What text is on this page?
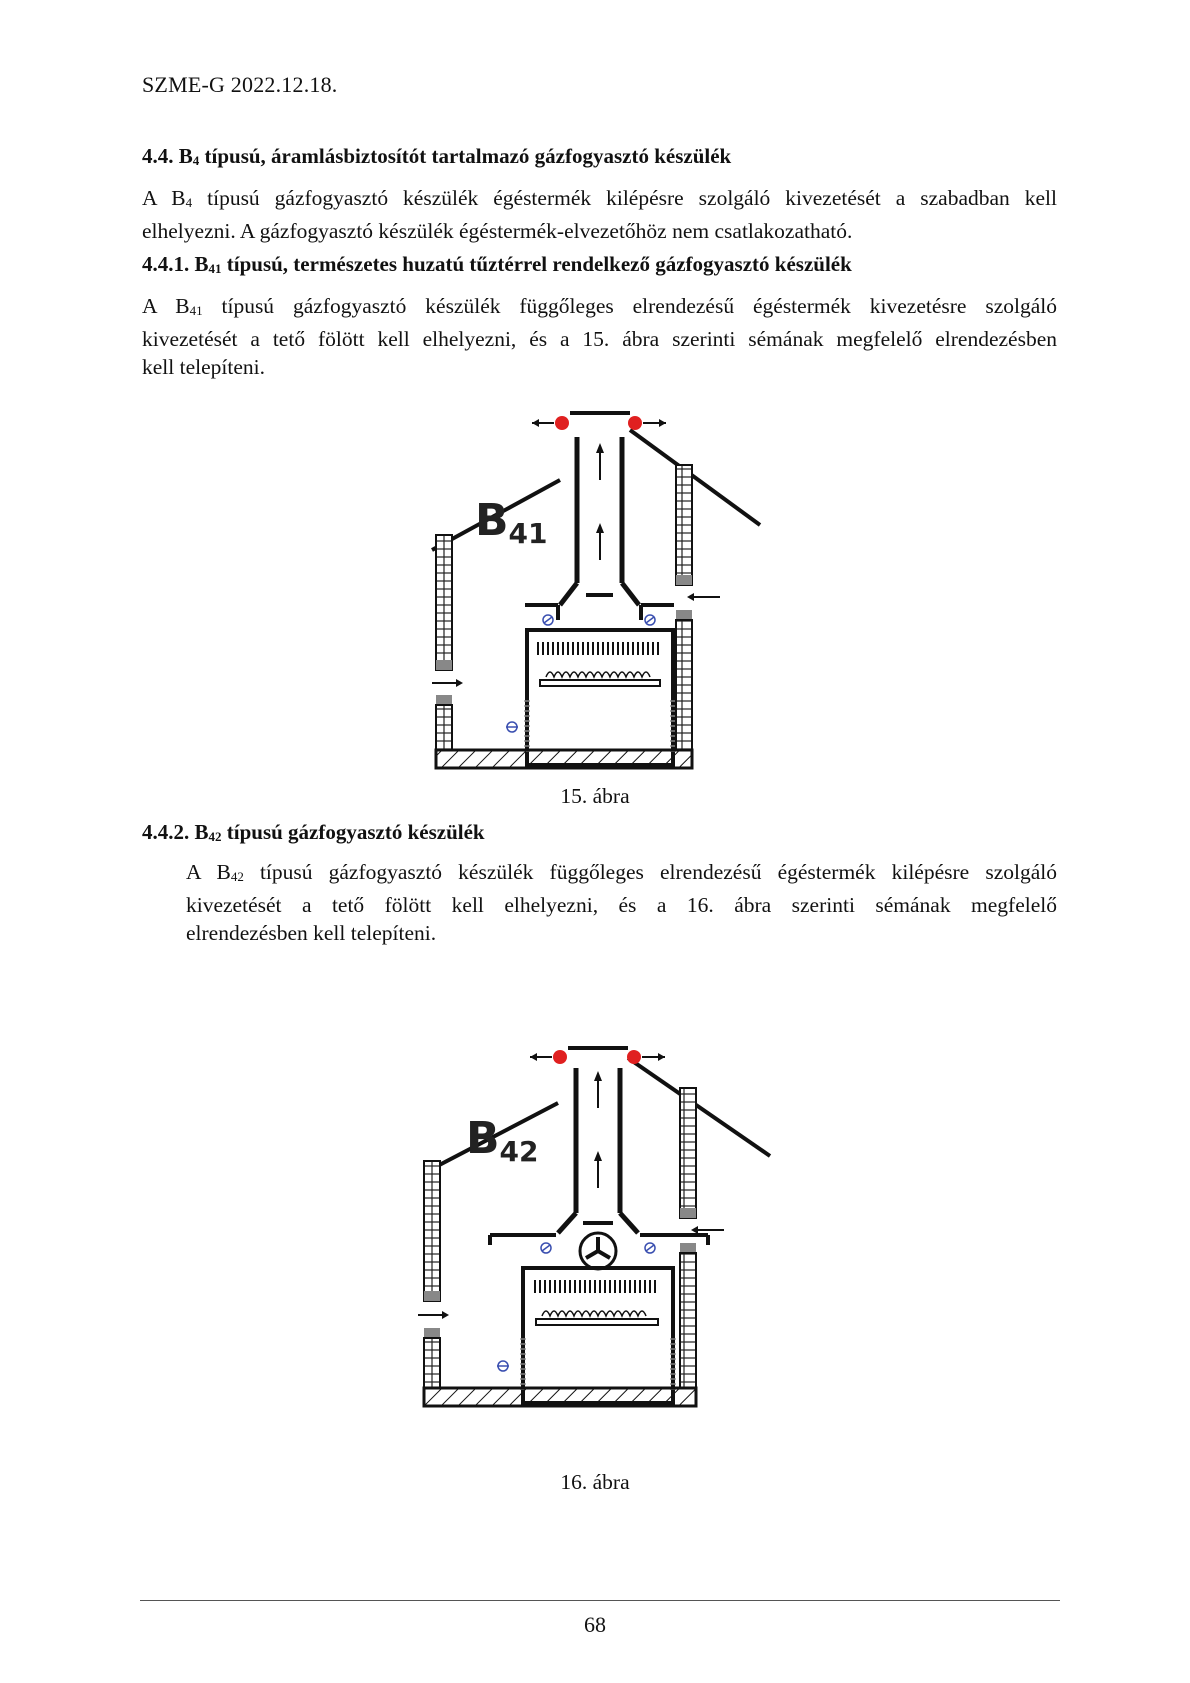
SZME-G 2022.12.18.
4.4. $B_4$ típusú, áramlásbiztosítót tartalmazó gázfogyasztó készülék
A $B_4$ típusú gázfogyasztó készülék égéstermék kilépésre szolgáló kivezetését a szabadban kell
elhelyezni. A gázfogyasztó készülék égéstermék-elvezetőhöz nem csatlakozatható.
4.4.1. $B_{41}$ típusú, természetes huzatú tűztérrel rendelkező gázfogyasztó készülék
A $B_{41}$ típusú gázfogyasztó készülék függőleges elrendezésű égéstermék kivezetésre szolgáló
kivezetését a tető fölött kell elhelyezni, és a 15. ábra szerinti sémának megfelelő elrendezésben
kell telepíteni.
B41
15. ábra
4.4.2. $B_{42}$ típusú gázfogyasztó készülék
A $B_{42}$ típusú gázfogyasztó készülék függőleges elrendezésű égéstermék kilépésre szolgáló
kivezetését a tető fölött kell elhelyezni, és a 16. ábra szerinti sémának megfelelő
elrendezésben kell telepíteni.
B42
16. ábra
68
